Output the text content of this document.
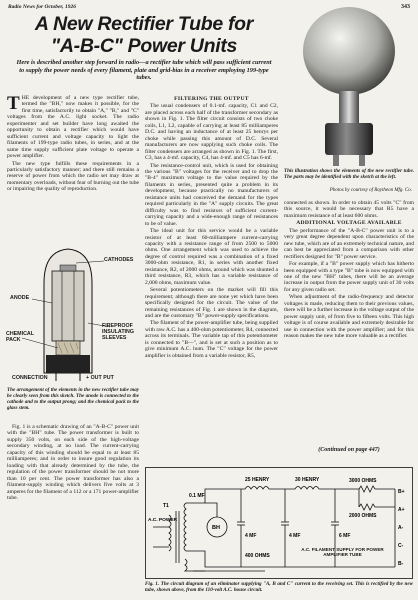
Radio News for October, 1926	343
A New Rectifier Tube for
"A-B-C" Power Units
Here is described another step forward in radio—a rectifier tube which will pass sufficient current to supply the power needs of every filament, plate and grid-bias in a receiver employing 199-type tubes.

THE development of a new type rectifier tube, termed the "BH," now makes it possible, for the first time, satisfactorily to obtain "A," "B," and "C" voltages from the A.C. light socket. The radio experimenter and set builder have long awaited the opportunity to obtain a rectifier which would have sufficient current and voltage capacity to light the filaments of 199-type radio tubes, in series, and at the same time supply sufficient plate voltage to operate a power amplifier.

The new type fulfills these requirements in a particularly satisfactory manner; and there still remains a reserve of power from which the radio set may draw at momentary overloads, without fear of burning out the tube or impairing the quality of reproduction.

CATHODES
ANODE
CHEMICAL PACK
FIREPROOF INSULATING SLEEVES
CONNECTION	+ OUT PUT
The arrangement of the elements in the new rectifier tube may be clearly seen from this sketch. The anode is connected to the cathode and to the output prong; and the chemical pack to the glass stem.

Fig. 1 is a schematic drawing of an "A-B-C" power unit with the "BH" tube. The power transformer is built to supply 350 volts, on each side of the high-voltage secondary winding, at no load. The current-carrying capacity of this winding should be equal to at least 85 milliamperes; and in order to insure good regulation its loading with that already determined by the tube, the regulation of the power transformer should be not more than 10 per cent. The power transformer has also a filament-supply winding which delivers five volts at 3 amperes for the filament of a 112 or a 171 power-amplifier tube.

FILTERING THE OUTPUT

The usual condensers of 0.1-mf. capacity, C1 and C2, are placed across each half of the transformer secondary as shown in Fig. 1. The filter circuit consists of two choke coils, L1, L2, capable of carrying at least 85 milliamperes D.C. and having an inductance of at least 25 henrys per choke while passing this amount of D.C. Several manufacturers are now supplying such choke coils. The filter condensers are arranged as shown in Fig. 1. The first, C3, has a 4-mf. capacity, C4, has 4-mf. and C5 has 6-mf.

The resistance-control unit, which is used for obtaining the various "B" voltages for the receiver and to drop the "B-4" maximum voltage to the value required by the filaments in series, presented quite a problem in its development, because practically no manufacturers of resistance units had conceived the demand for the types required particularly in the "A" supply circuits. The great difficulty was to find resistors of sufficient current-carrying capacity and a wide-enough range of resistances to be of value.

The ideal unit for this service would be a variable resistor of at least 60-milliampere current-carrying capacity with a resistance range of from 2500 to 5000 ohms. One arrangement which was used to achieve the degree of control required was a combination of a fixed 3000-ohm resistance, R1, in series with another fixed resistance, R2, of 2000 ohms, around which was shunted a third resistance, R3, which has a variable resistance of 2,000 ohms, maximum value.

Several potentiometers on the market will fill this requirement; although there are none yet which have been specifically designed for the circuit. The value of the remaining resistances of Fig. 1 are shown in the diagram, and are the customary "B" power-supply specifications.

The filament of the power-amplifier tube, being supplied with raw A.C. has a 400-ohm potentiometer, R4, connected across its terminals. The variable tap of this potentiometer is connected to "B—", and is set at such a position as to give minimum A.C. hum. The "C" voltage for the power amplifier is obtained from a variable resistor, R5,

This illustration shows the elements of the new rectifier tube. The parts may be identified with the sketch at the left.
Photos by courtesy of Raytheon Mfg. Co.

connected as shown. In order to obtain 45 volts "C" from this source, it would be necessary that R5 have a maximum resistance of at least 600 ohms.

ADDITIONAL VOLTAGE AVAILABLE

The performance of the "A-B-C" power unit is to a very great degree dependent upon characteristics of the new tube, which are of an extremely technical nature, and can best be appreciated from a comparison with other rectifiers designed for "B" power service.

For example, if a "B" power supply which has hitherto been equipped with a type "B" tube is now equipped with one of the new "BH" tubes, there will be an average increase in output from the power supply unit of 30 volts for any given radio set.

When adjustment of the radio-frequency and detector voltages is made, reducing them to their previous values, there will be a further increase in the voltage output of the power supply unit, of from five to fifteen volts. This high voltage is of course available and extremely desirable for use in connection with the power amplifier; and for this reason makes the new tube more valuable as a rectifier.

(Continued on page 447)
3000 OHMS
2000 OHMS
0.1 MF
25 HENRY	30 HENRY
4 MF	4 MF	6 MF
400 OHMS
A.C. POWER
T1
BH
B+
A+
A-
C-
B-
A.C. FILAMENT SUPPLY FOR POWER AMPLIFIER TUBE
Fig. 1. The circuit diagram of an eliminator supplying "A, B and C" current to the receiving set. This is rectified by the new tube, shown above, from the 110-volt A.C. house circuit.
